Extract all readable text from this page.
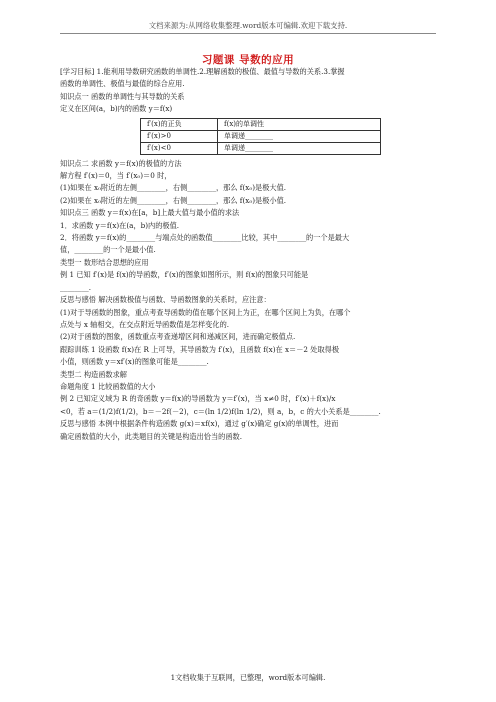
文档来源为:从网络收集整理.word版本可编辑.欢迎下载支持.
习题课 导数的应用

[学习目标] 1.能利用导数研究函数的单调性.2.理解函数的极值、最值与导数的关系.3.掌握

函数的单调性、极值与最值的综合应用.

知识点一 函数的单调性与其导数的关系

定义在区间(a，b)内的函数 y＝f(x)

f′(x)的正负	f(x)的单调性
f′(x)>0	单调递________
f′(x)<0	单调递________

知识点二 求函数 y＝f(x)的极值的方法

解方程 f′(x)＝0，当 f′(x₀)＝0 时，

(1)如果在 x₀附近的左侧________，右侧________，那么 f(x₀)是极大值.

(2)如果在 x₀附近的左侧________，右侧________，那么 f(x₀)是极小值.

知识点三 函数 y＝f(x)在[a，b]上最大值与最小值的求法

1．求函数 y＝f(x)在(a，b)内的极值.

2．将函数 y＝f(x)的________与端点处的函数值________比较，其中________的一个是最大

值，________的一个是最小值.

类型一 数形结合思想的应用

例 1 已知 f′(x)是 f(x)的导函数，f′(x)的图象如图所示，则 f(x)的图象只可能是

________.

反思与感悟 解决函数极值与函数、导函数图象的关系时，应注意：

(1)对于导函数的图象，重点考查导函数的值在哪个区间上为正，在哪个区间上为负，在哪个

点处与 x 轴相交，在交点附近导函数值是怎样变化的.

(2)对于函数的图象，函数重点考查递增区间和递减区间，进而确定极值点.

跟踪训练 1 设函数 f(x)在 R 上可导，其导函数为 f′(x)，且函数 f(x)在 x＝－2 处取得极

小值，则函数 y＝xf′(x)的图象可能是________.

类型二 构造函数求解

命题角度 1 比较函数值的大小

例 2 已知定义域为 R 的奇函数 y＝f(x)的导函数为 y＝f′(x)，当 x≠0 时，f′(x)＋f(x)/x

<0，若 a＝(1/2)f(1/2)，b＝－2f(－2)，c＝(ln 1/2)f(ln 1/2)，则 a，b，c 的大小关系是________.

反思与感悟 本例中根据条件构造函数 g(x)＝xf(x)，通过 g′(x)确定 g(x)的单调性，进而

确定函数值的大小，此类题目的关键是构造出恰当的函数.

1文档收集于互联网，已整理，word版本可编辑.
